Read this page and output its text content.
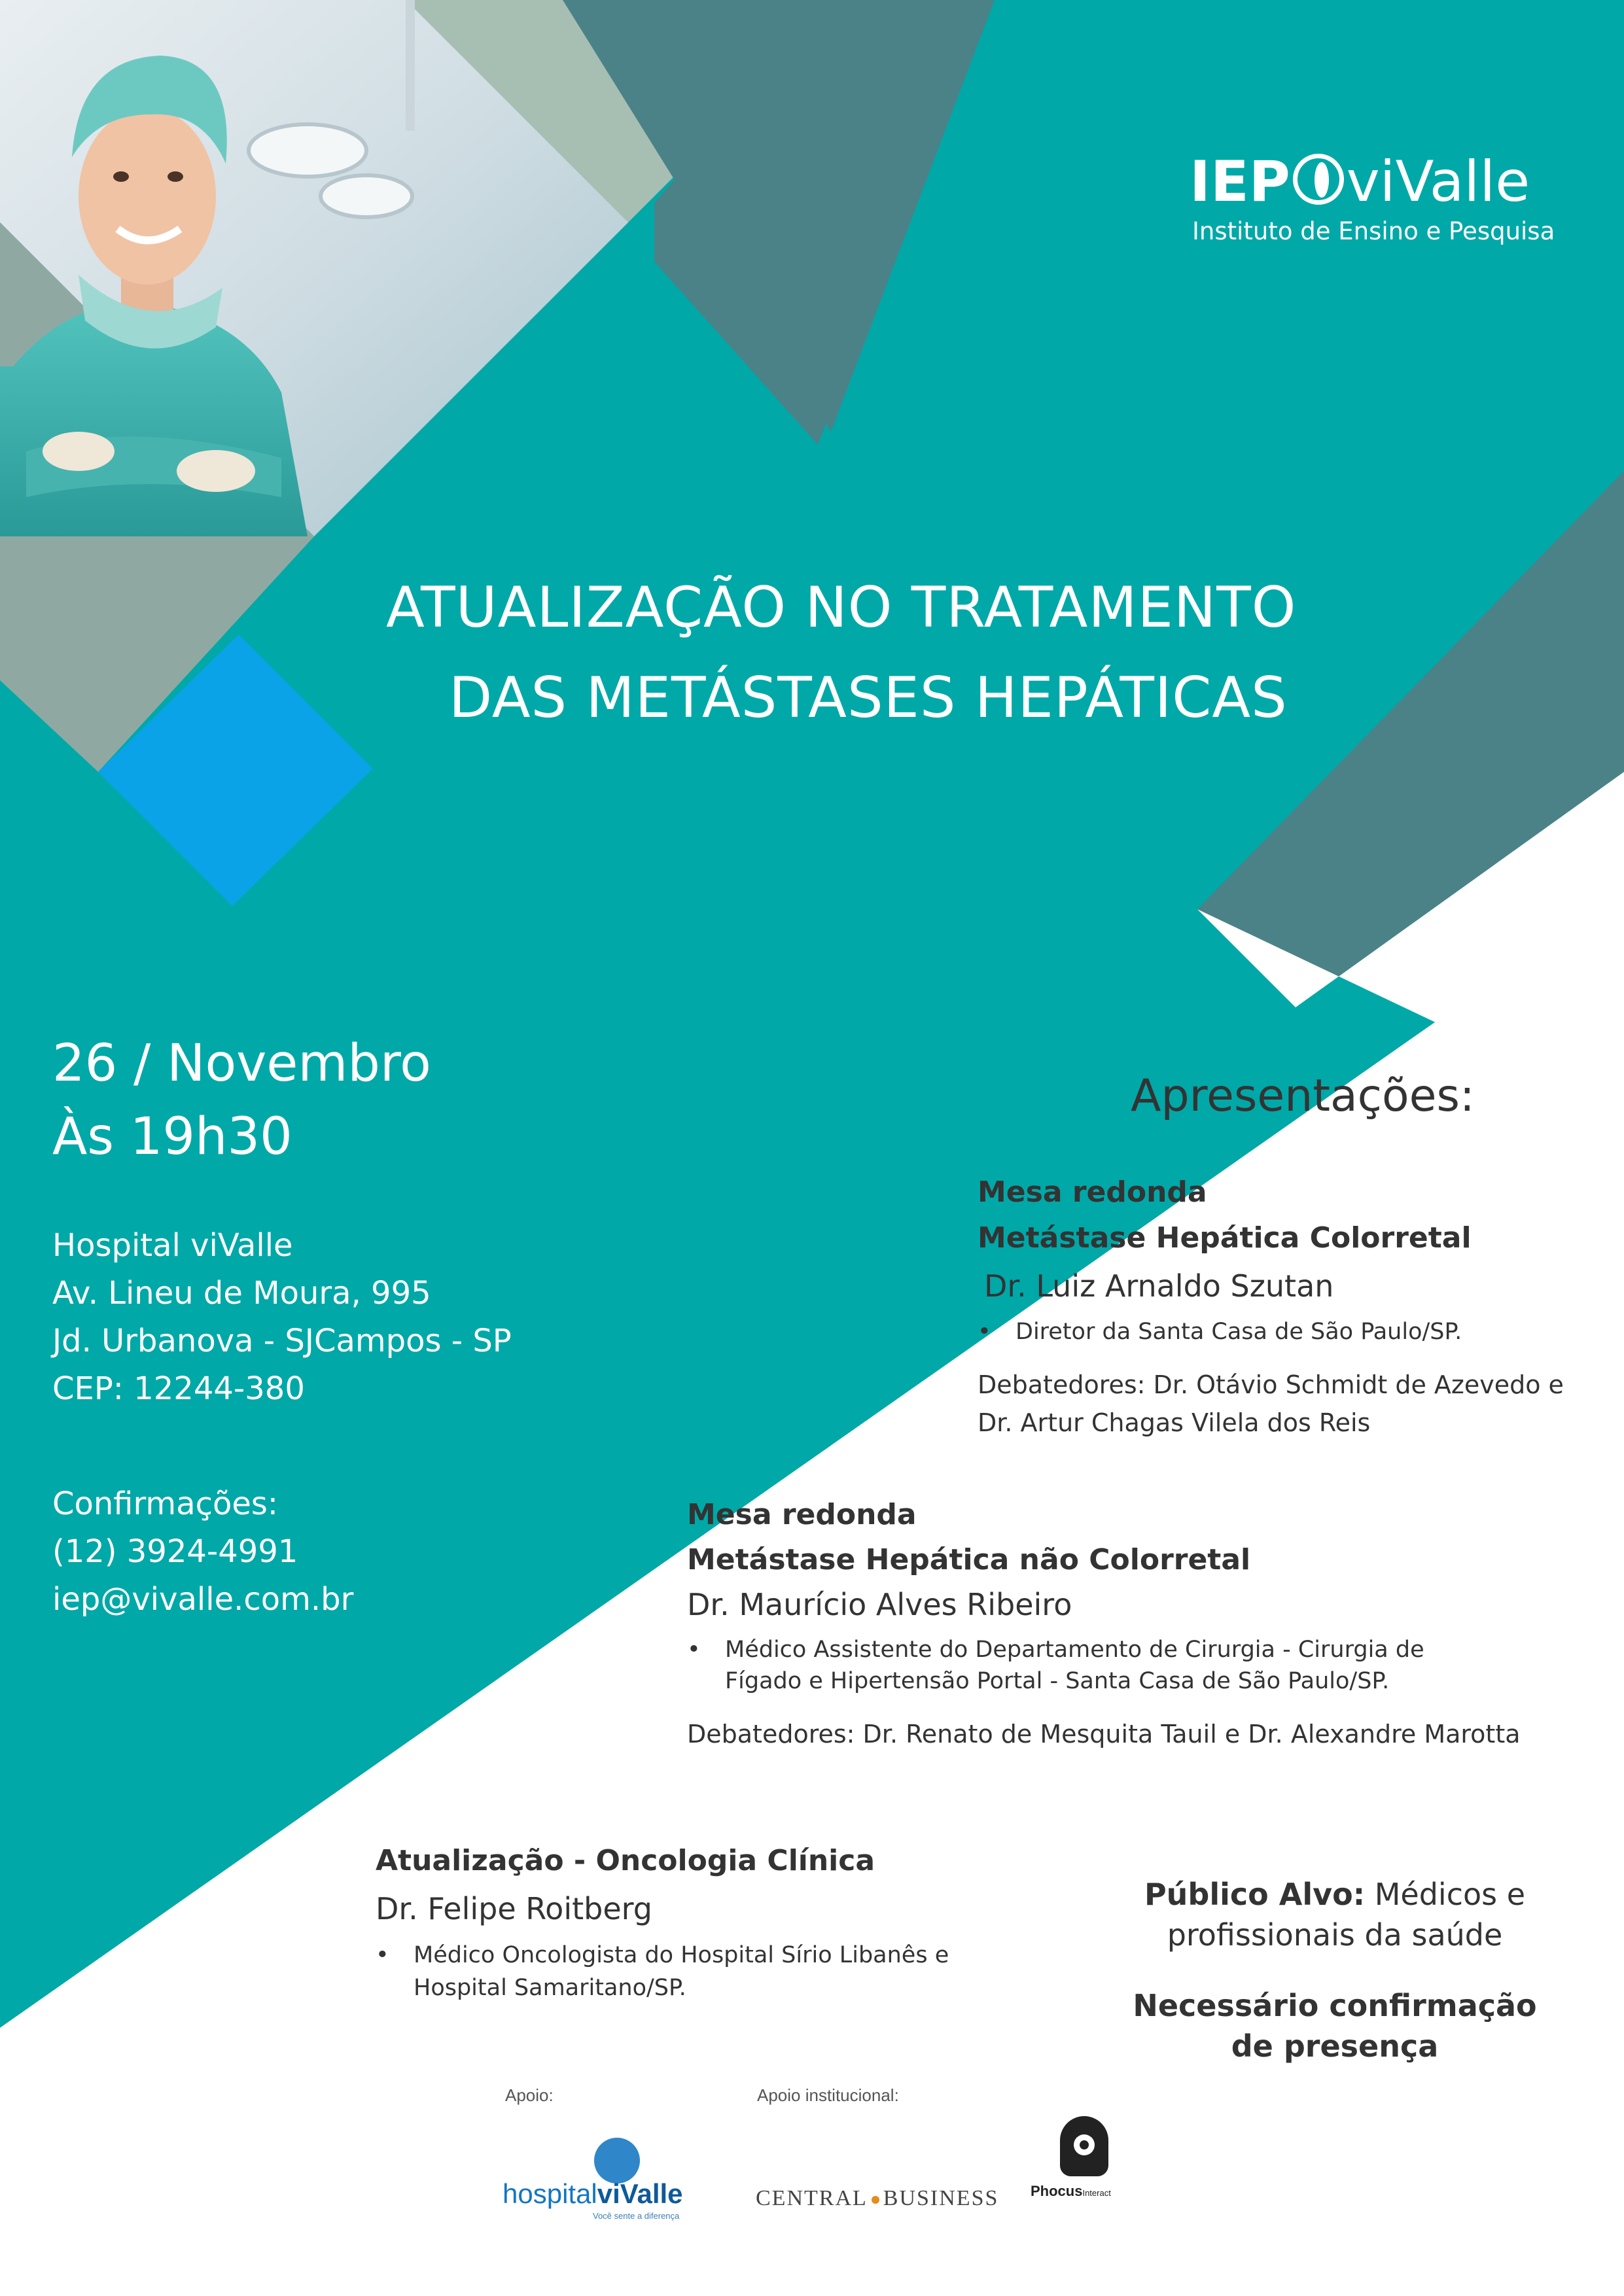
IEP viValle
Instituto de Ensino e Pesquisa
ATUALIZAÇÃO NO TRATAMENTO
DAS METÁSTASES HEPÁTICAS
26 / Novembro
Às 19h30
Hospital viValle
Av. Lineu de Moura, 995
Jd. Urbanova - SJCampos - SP
CEP: 12244-380
Confirmações:
(12) 3924-4991
iep@vivalle.com.br
Apresentações:
Mesa redonda
Metástase Hepática Colorretal
Dr. Luiz Arnaldo Szutan
• Diretor da Santa Casa de São Paulo/SP.
Debatedores: Dr. Otávio Schmidt de Azevedo e
Dr. Artur Chagas Vilela dos Reis
Mesa redonda
Metástase Hepática não Colorretal
Dr. Maurício Alves Ribeiro
• Médico Assistente do Departamento de Cirurgia - Cirurgia de
Fígado e Hipertensão Portal - Santa Casa de São Paulo/SP.
Debatedores: Dr. Renato de Mesquita Tauil e Dr. Alexandre Marotta
Atualização - Oncologia Clínica
Dr. Felipe Roitberg
• Médico Oncologista do Hospital Sírio Libanês e
Hospital Samaritano/SP.
Público Alvo: Médicos e
profissionais da saúde
Necessário confirmação
de presença
Apoio:	Apoio institucional:
hospitalviValle
Você sente a diferença
CENTRAL BUSINESS PhocusInteract
